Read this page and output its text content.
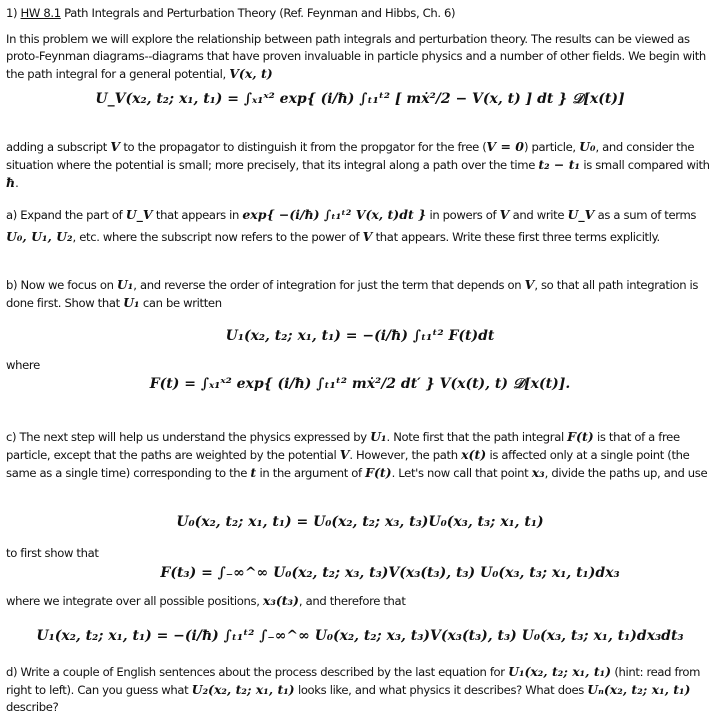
1) HW 8.1 Path Integrals and Perturbation Theory (Ref. Feynman and Hibbs, Ch. 6)
In this problem we will explore the relationship between path integrals and perturbation theory. The results can be viewed as proto-Feynman diagrams--diagrams that have proven invaluable in particle physics and a number of other fields. We begin with the path integral for a general potential, V(x, t)
U_V(x₂, t₂; x₁, t₁) = ∫ₓ₁ˣ² exp{ (i/ħ) ∫ₜ₁ᵗ² [ mẋ²/2 − V(x, t) ] dt } 𝒟[x(t)]
adding a subscript V to the propagator to distinguish it from the propgator for the free (V = 0) particle, U₀, and consider the situation where the potential is small; more precisely, that its integral along a path over the time t₂ − t₁ is small compared with ħ.
a) Expand the part of U_V that appears in exp{ −(i/ħ) ∫ₜ₁ᵗ² V(x, t)dt } in powers of V and write U_V as a sum of terms U₀, U₁, U₂, etc. where the subscript now refers to the power of V that appears. Write these first three terms explicitly.
b) Now we focus on U₁, and reverse the order of integration for just the term that depends on V, so that all path integration is done first. Show that U₁ can be written
U₁(x₂, t₂; x₁, t₁) = −(i/ħ) ∫ₜ₁ᵗ² F(t)dt
where
F(t) = ∫ₓ₁ˣ² exp{ (i/ħ) ∫ₜ₁ᵗ² mẋ²/2 dt′ } V(x(t), t) 𝒟[x(t)].
c) The next step will help us understand the physics expressed by U₁. Note first that the path integral F(t) is that of a free particle, except that the paths are weighted by the potential V. However, the path x(t) is affected only at a single point (the same as a single time) corresponding to the t in the argument of F(t). Let's now call that point x₃, divide the paths up, and use
U₀(x₂, t₂; x₁, t₁) = U₀(x₂, t₂; x₃, t₃)U₀(x₃, t₃; x₁, t₁)
to first show that
F(t₃) = ∫₋∞^∞ U₀(x₂, t₂; x₃, t₃)V(x₃(t₃), t₃) U₀(x₃, t₃; x₁, t₁)dx₃
where we integrate over all possible positions, x₃(t₃), and therefore that
U₁(x₂, t₂; x₁, t₁) = −(i/ħ) ∫ₜ₁ᵗ² ∫₋∞^∞ U₀(x₂, t₂; x₃, t₃)V(x₃(t₃), t₃) U₀(x₃, t₃; x₁, t₁)dx₃dt₃
d) Write a couple of English sentences about the process described by the last equation for U₁(x₂, t₂; x₁, t₁) (hint: read from right to left). Can you guess what U₂(x₂, t₂; x₁, t₁) looks like, and what physics it describes? What does Uₙ(x₂, t₂; x₁, t₁) describe?
